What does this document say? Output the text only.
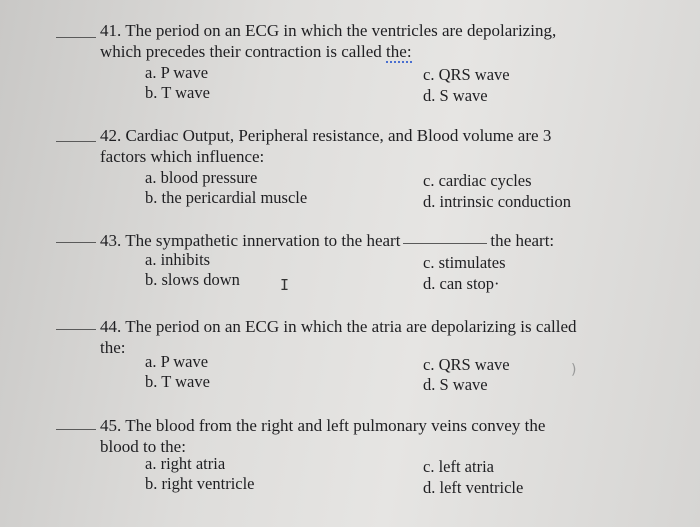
41. The period on an ECG in which the ventricles are depolarizing,
which precedes their contraction is called the:
a. P wave
b. T wave
c. QRS wave
d. S wave
42. Cardiac Output, Peripheral resistance, and Blood volume are 3
factors which influence:
a. blood pressure
b. the pericardial muscle
c. cardiac cycles
d. intrinsic conduction
43. The sympathetic innervation to the heart	the heart:
a. inhibits
b. slows down
c. stimulates
d. can stop·
I
44. The period on an ECG in which the atria are depolarizing is called
the:
a. P wave
b. T wave
c. QRS wave
d. S wave
)
45. The blood from the right and left pulmonary veins convey the
blood to the:
a. right atria
b. right ventricle
c. left atria
d. left ventricle
